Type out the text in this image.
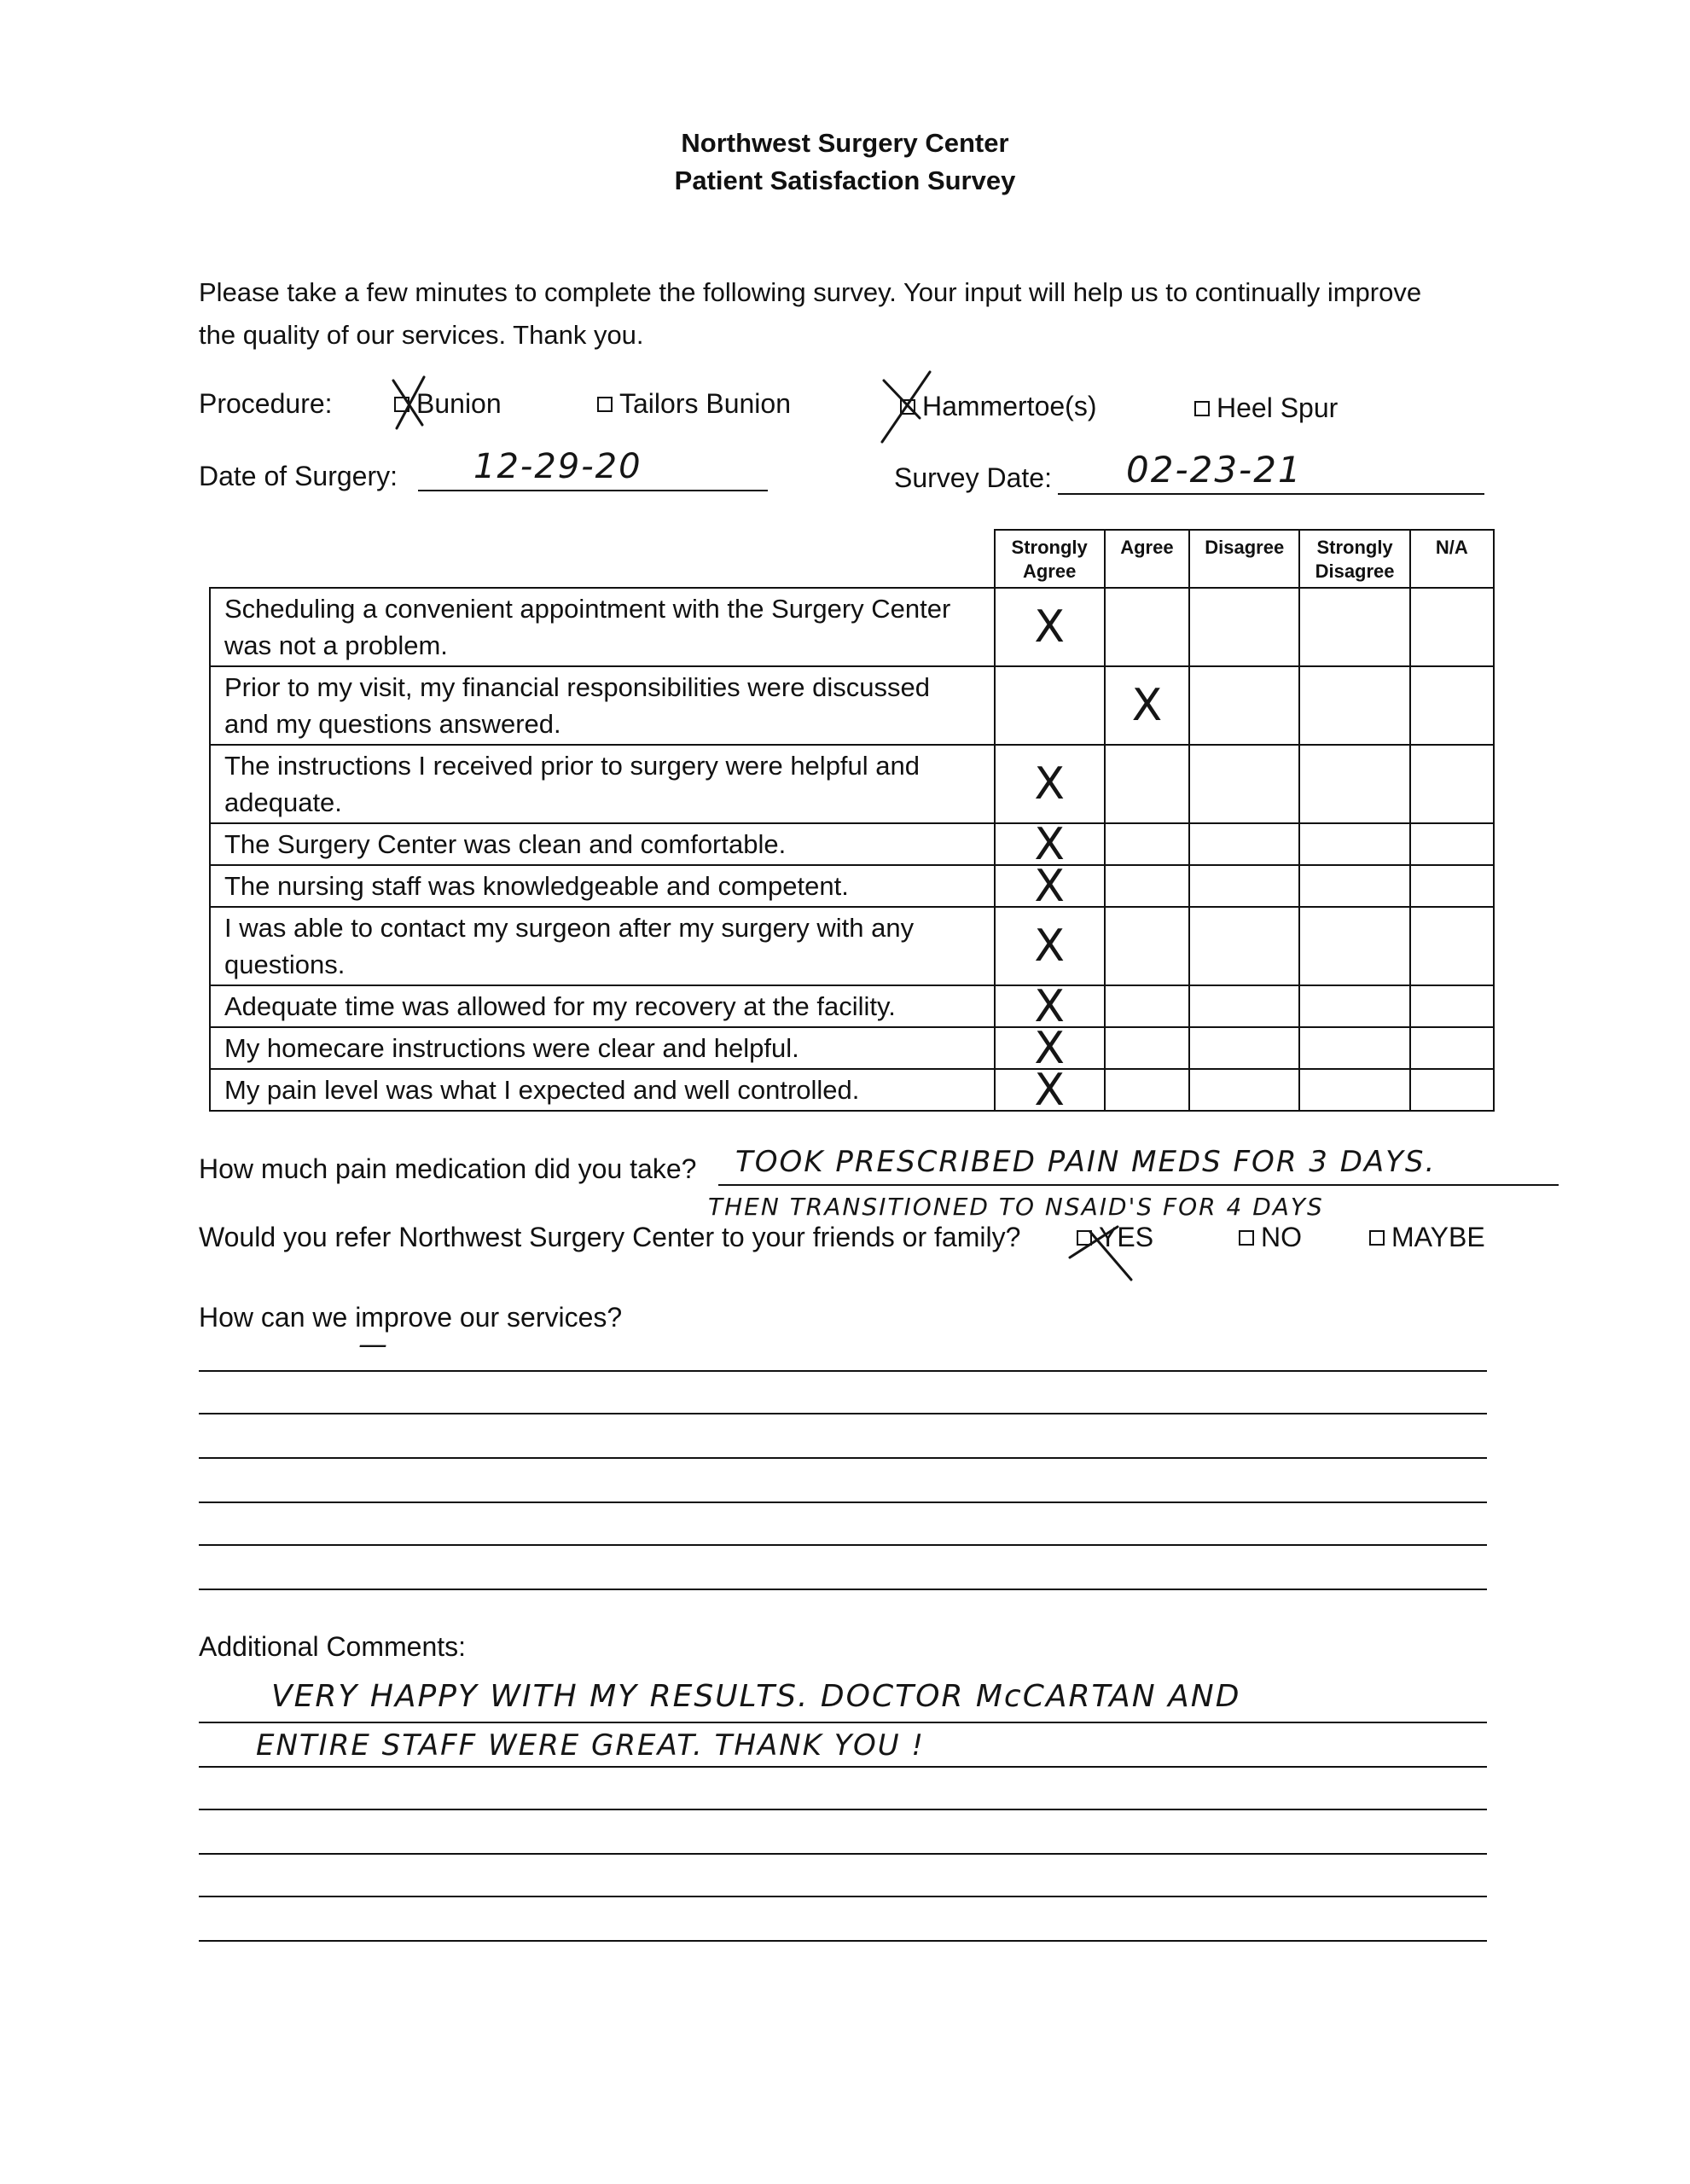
Northwest Surgery Center
Patient Satisfaction Survey
Please take a few minutes to complete the following survey. Your input will help us to continually improve the quality of our services. Thank you.
Procedure:	Bunion	Tailors Bunion	Hammertoe(s)	Heel Spur
Date of Surgery: 12-29-20	Survey Date: 02-23-21
	Strongly Agree	Agree	Disagree	Strongly Disagree	N/A
Scheduling a convenient appointment with the Surgery Center was not a problem.	X				
Prior to my visit, my financial responsibilities were discussed and my questions answered.		X			
The instructions I received prior to surgery were helpful and adequate.	X				
The Surgery Center was clean and comfortable.	X				
The nursing staff was knowledgeable and competent.	X				
I was able to contact my surgeon after my surgery with any questions.	X				
Adequate time was allowed for my recovery at the facility.	X				
My homecare instructions were clear and helpful.	X				
My pain level was what I expected and well controlled.	X				
How much pain medication did you take? TOOK PRESCRIBED PAIN MEDS FOR 3 DAYS.
THEN TRANSITIONED TO NSAID'S FOR 4 DAYS
Would you refer Northwest Surgery Center to your friends or family?	YES	NO	MAYBE
How can we improve our services?
—
Additional Comments:
VERY HAPPY WITH MY RESULTS. DOCTOR McCARTAN AND
ENTIRE STAFF WERE GREAT. THANK YOU !
